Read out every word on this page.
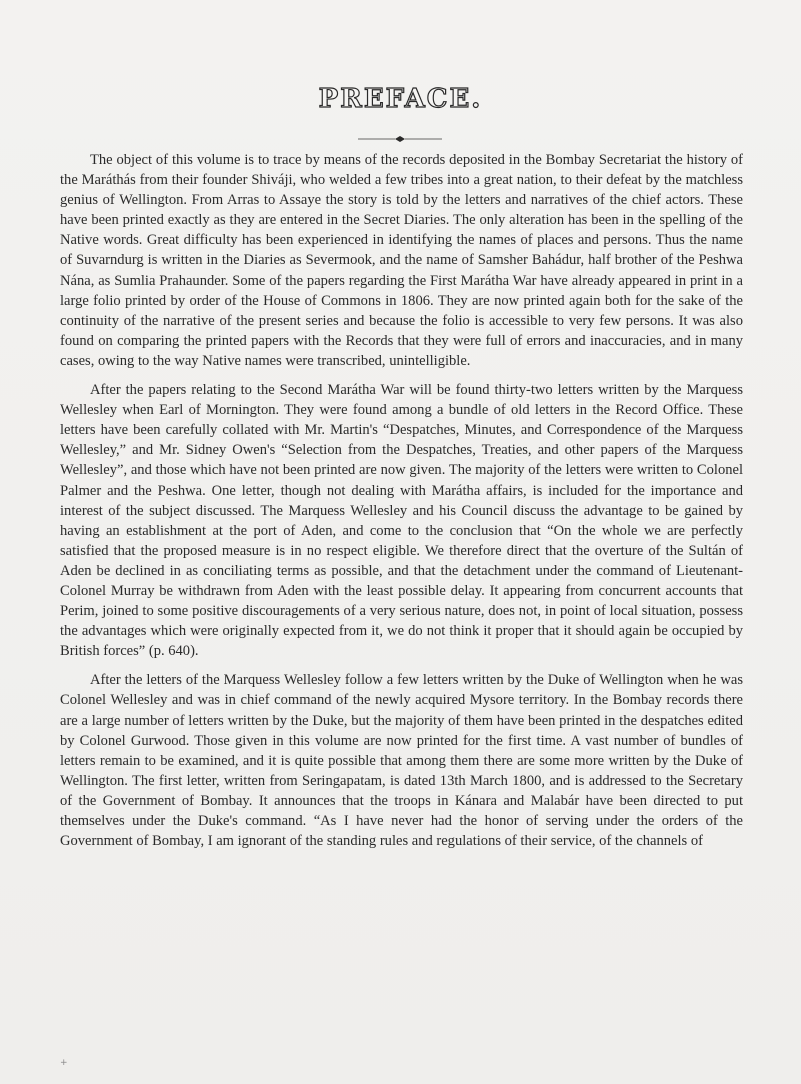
PREFACE.

The object of this volume is to trace by means of the records deposited in the Bombay Secretariat the history of the Maráthás from their founder Shiváji, who welded a few tribes into a great nation, to their defeat by the matchless genius of Wellington. From Arras to Assaye the story is told by the letters and narratives of the chief actors. These have been printed exactly as they are entered in the Secret Diaries. The only alteration has been in the spelling of the Native words. Great difficulty has been experienced in identifying the names of places and persons. Thus the name of Suvarndurg is written in the Diaries as Severmook, and the name of Samsher Bahádur, half brother of the Peshwa Nána, as Sumlia Prahaunder. Some of the papers regarding the First Marátha War have already appeared in print in a large folio printed by order of the House of Commons in 1806. They are now printed again both for the sake of the continuity of the narrative of the present series and because the folio is accessible to very few persons. It was also found on comparing the printed papers with the Records that they were full of errors and inaccuracies, and in many cases, owing to the way Native names were transcribed, unintelligible.

After the papers relating to the Second Marátha War will be found thirty-two letters written by the Marquess Wellesley when Earl of Mornington. They were found among a bundle of old letters in the Record Office. These letters have been carefully collated with Mr. Martin's “Despatches, Minutes, and Correspondence of the Marquess Wellesley,” and Mr. Sidney Owen's “Selection from the Despatches, Treaties, and other papers of the Marquess Wellesley”, and those which have not been printed are now given. The majority of the letters were written to Colonel Palmer and the Peshwa. One letter, though not dealing with Marátha affairs, is included for the importance and interest of the subject discussed. The Marquess Wellesley and his Council discuss the advantage to be gained by having an establishment at the port of Aden, and come to the conclusion that “On the whole we are perfectly satisfied that the proposed measure is in no respect eligible. We therefore direct that the overture of the Sultán of Aden be declined in as conciliating terms as possible, and that the detachment under the command of Lieutenant-Colonel Murray be withdrawn from Aden with the least possible delay. It appearing from concurrent accounts that Perim, joined to some positive discouragements of a very serious nature, does not, in point of local situation, possess the advantages which were originally expected from it, we do not think it proper that it should again be occupied by British forces” (p. 640).

After the letters of the Marquess Wellesley follow a few letters written by the Duke of Wellington when he was Colonel Wellesley and was in chief command of the newly acquired Mysore territory. In the Bombay records there are a large number of letters written by the Duke, but the majority of them have been printed in the despatches edited by Colonel Gurwood. Those given in this volume are now printed for the first time. A vast number of bundles of letters remain to be examined, and it is quite possible that among them there are some more written by the Duke of Wellington. The first letter, written from Seringapatam, is dated 13th March 1800, and is addressed to the Secretary of the Government of Bombay. It announces that the troops in Kánara and Malabár have been directed to put themselves under the Duke's command. “As I have never had the honor of serving under the orders of the Government of Bombay, I am ignorant of the standing rules and regulations of their service, of the channels of

+
